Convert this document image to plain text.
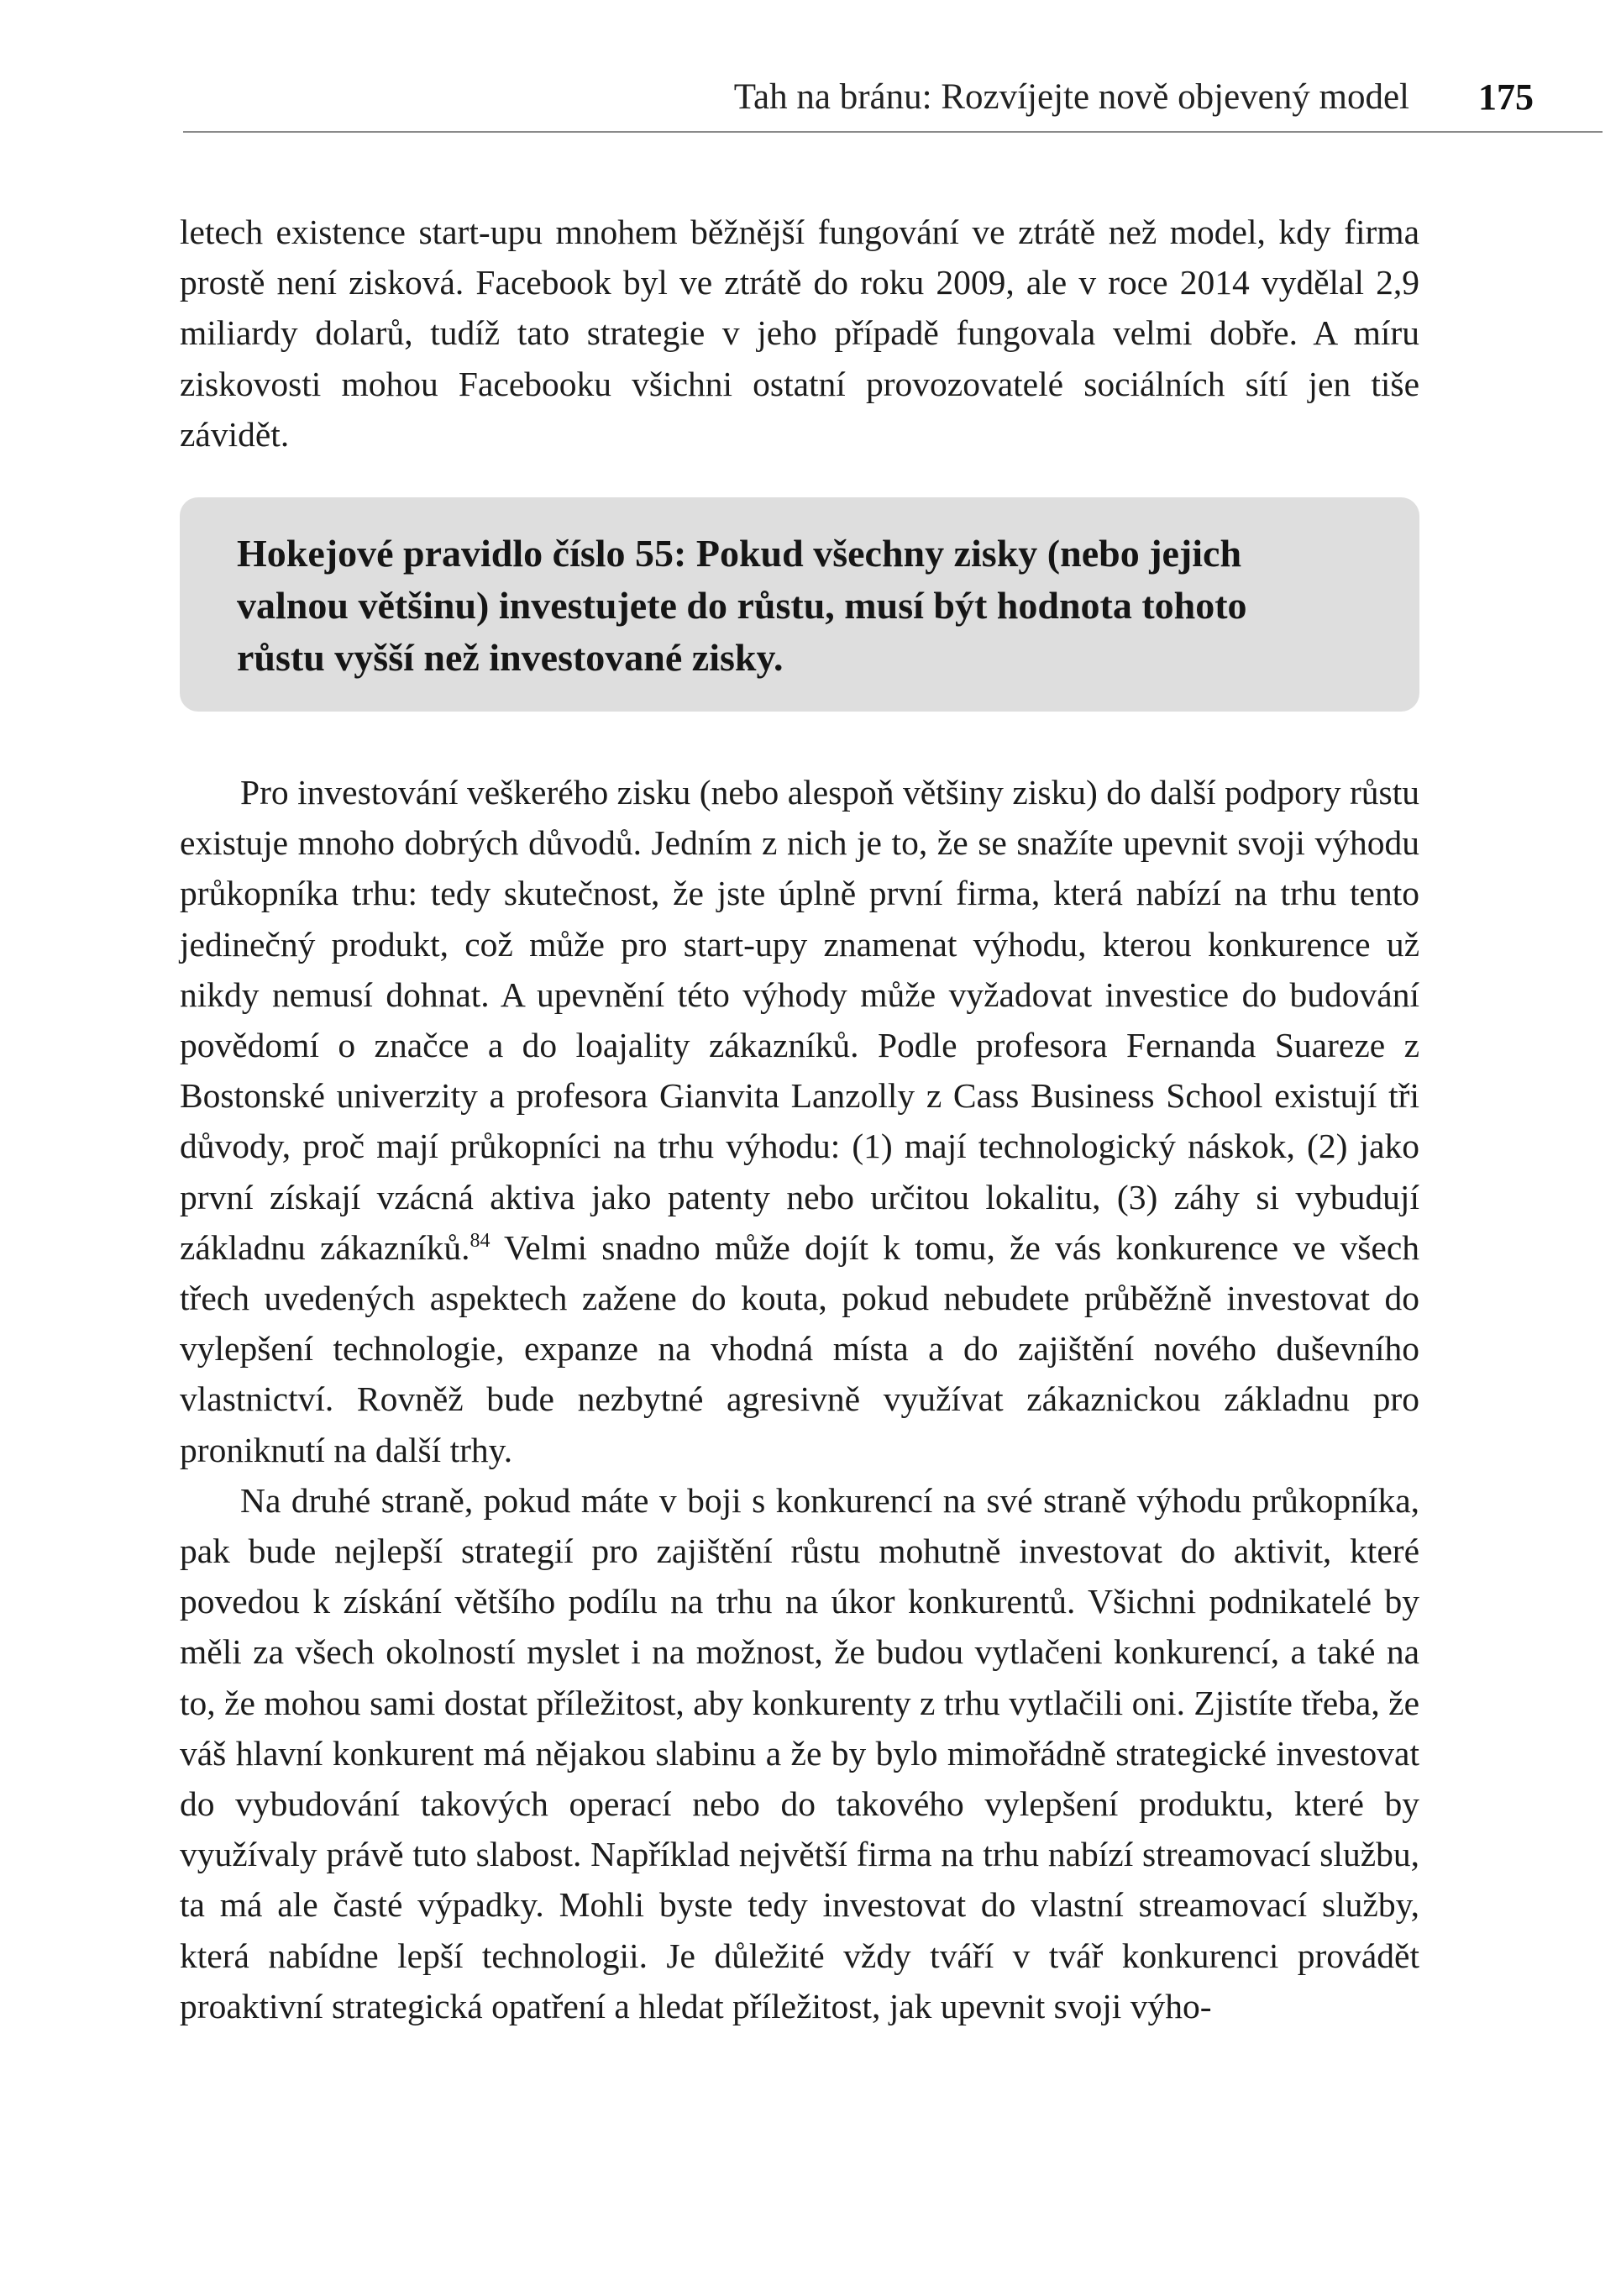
Tah na bránu: Rozvíjejte nově objevený model 175

letech existence start-upu mnohem běžnější fungování ve ztrátě než model, kdy firma prostě není zisková. Facebook byl ve ztrátě do roku 2009, ale v roce 2014 vydělal 2,9 miliardy dolarů, tudíž tato strategie v jeho případě fungovala velmi dobře. A míru ziskovosti mohou Facebooku všichni ostatní provozovatelé sociálních sítí jen tiše závidět.

Hokejové pravidlo číslo 55: Pokud všechny zisky (nebo jejich valnou většinu) investujete do růstu, musí být hodnota tohoto růstu vyšší než investované zisky.

Pro investování veškerého zisku (nebo alespoň většiny zisku) do další podpory růstu existuje mnoho dobrých důvodů. Jedním z nich je to, že se snažíte upevnit svoji výhodu průkopníka trhu: tedy skutečnost, že jste úplně první firma, která nabízí na trhu tento jedinečný produkt, což může pro start-upy znamenat výhodu, kterou konkurence už nikdy nemusí dohnat. A upevnění této výhody může vyžadovat investice do budování povědomí o značce a do loajality zákazníků. Podle profesora Fernanda Suareze z Bostonské univerzity a profesora Gianvita Lanzolly z Cass Business School existují tři důvody, proč mají průkopníci na trhu výhodu: (1) mají technologický náskok, (2) jako první získají vzácná aktiva jako patenty nebo určitou lokalitu, (3) záhy si vybudují základnu zákazníků.$^{84}$ Velmi snadno může dojít k tomu, že vás konkurence ve všech třech uvedených aspektech zažene do kouta, pokud nebudete průběžně investovat do vylepšení technologie, expanze na vhodná místa a do zajištění nového duševního vlastnictví. Rovněž bude nezbytné agresivně využívat zákaznickou základnu pro proniknutí na další trhy.

Na druhé straně, pokud máte v boji s konkurencí na své straně výhodu průkopníka, pak bude nejlepší strategií pro zajištění růstu mohutně investovat do aktivit, které povedou k získání většího podílu na trhu na úkor konkurentů. Všichni podnikatelé by měli za všech okolností myslet i na možnost, že budou vytlačeni konkurencí, a také na to, že mohou sami dostat příležitost, aby konkurenty z trhu vytlačili oni. Zjistíte třeba, že váš hlavní konkurent má nějakou slabinu a že by bylo mimořádně strategické investovat do vybudování takových operací nebo do takového vylepšení produktu, které by využívaly právě tuto slabost. Například největší firma na trhu nabízí streamovací službu, ta má ale časté výpadky. Mohli byste tedy investovat do vlastní streamovací služby, která nabídne lepší technologii. Je důležité vždy tváří v tvář konkurenci provádět proaktivní strategická opatření a hledat příležitost, jak upevnit svoji výho-
